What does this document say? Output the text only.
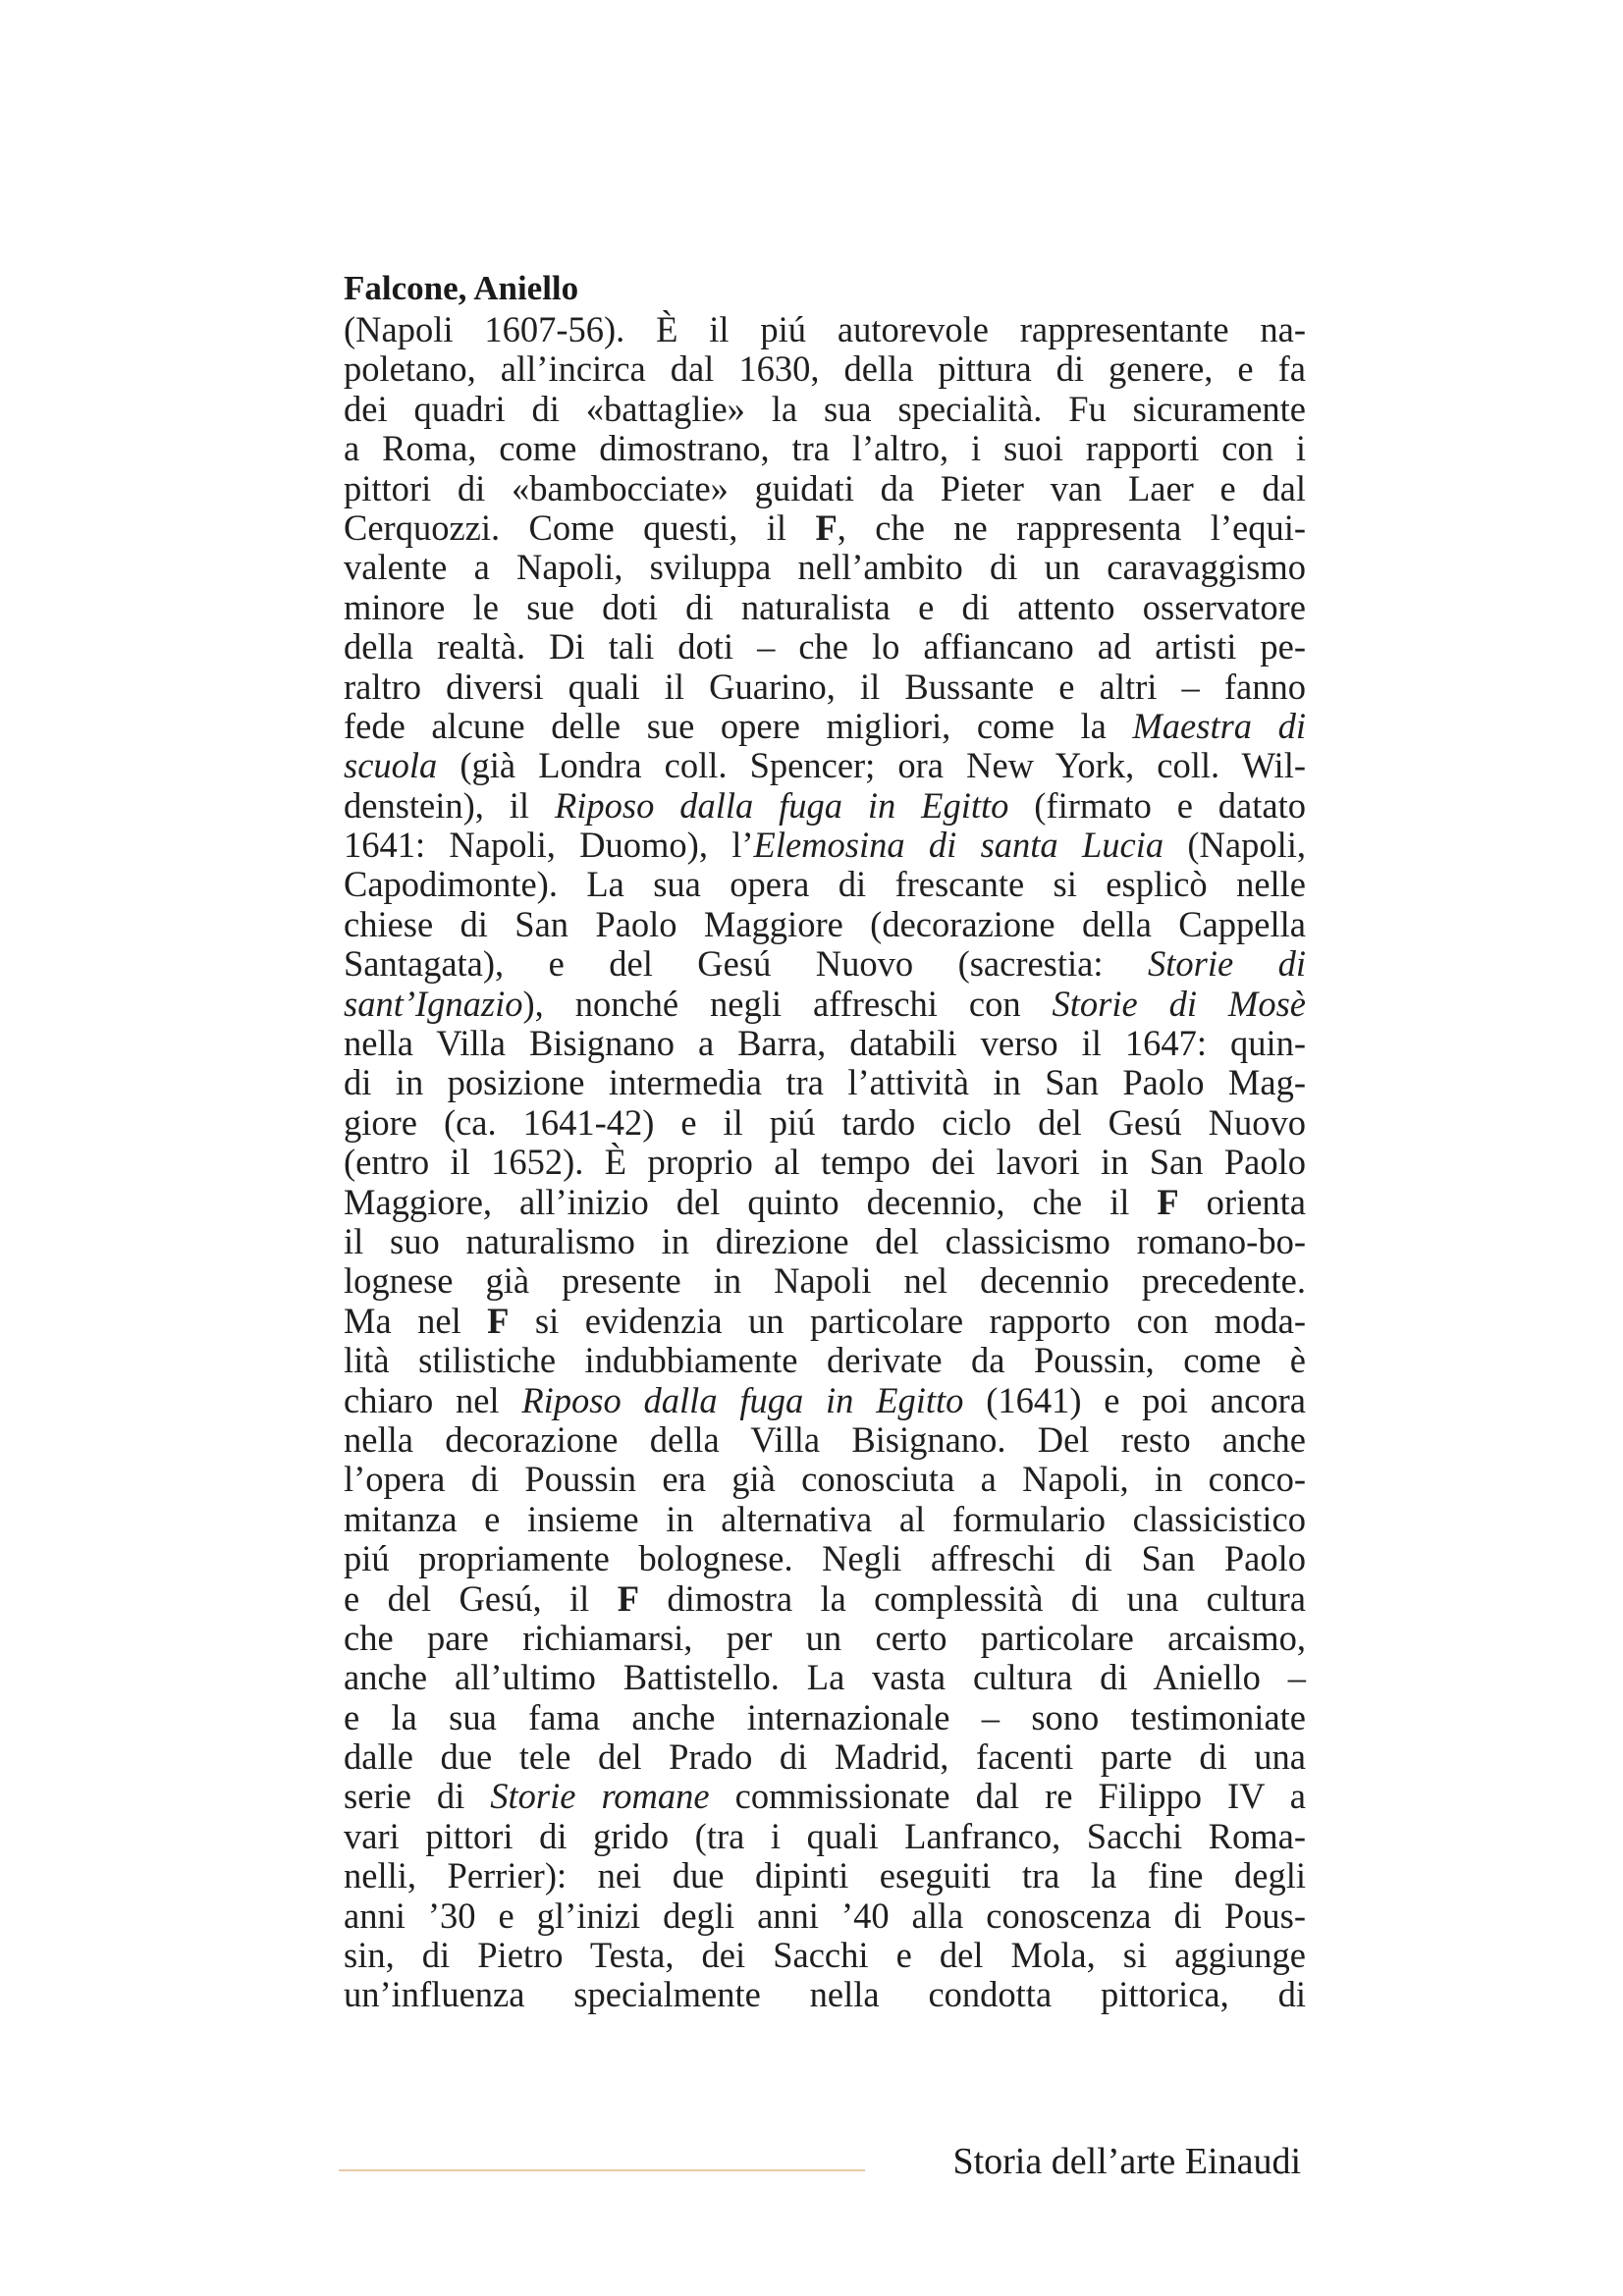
Falcone, Aniello
(Napoli 1607-56). È il piú autorevole rappresentante na-
poletano, all’incirca dal 1630, della pittura di genere, e fa
dei quadri di «battaglie» la sua specialità. Fu sicuramente
a Roma, come dimostrano, tra l’altro, i suoi rapporti con i
pittori di «bambocciate» guidati da Pieter van Laer e dal
Cerquozzi. Come questi, il F, che ne rappresenta l’equi-
valente a Napoli, sviluppa nell’ambito di un caravaggismo
minore le sue doti di naturalista e di attento osservatore
della realtà. Di tali doti – che lo affiancano ad artisti pe-
raltro diversi quali il Guarino, il Bussante e altri – fanno
fede alcune delle sue opere migliori, come la Maestra di
scuola (già Londra coll. Spencer; ora New York, coll. Wil-
denstein), il Riposo dalla fuga in Egitto (firmato e datato
1641: Napoli, Duomo), l’Elemosina di santa Lucia (Napoli,
Capodimonte). La sua opera di frescante si esplicò nelle
chiese di San Paolo Maggiore (decorazione della Cappella
Santagata), e del Gesú Nuovo (sacrestia: Storie di
sant’Ignazio), nonché negli affreschi con Storie di Mosè
nella Villa Bisignano a Barra, databili verso il 1647: quin-
di in posizione intermedia tra l’attività in San Paolo Mag-
giore (ca. 1641-42) e il piú tardo ciclo del Gesú Nuovo
(entro il 1652). È proprio al tempo dei lavori in San Paolo
Maggiore, all’inizio del quinto decennio, che il F orienta
il suo naturalismo in direzione del classicismo romano-bo-
lognese già presente in Napoli nel decennio precedente.
Ma nel F si evidenzia un particolare rapporto con moda-
lità stilistiche indubbiamente derivate da Poussin, come è
chiaro nel Riposo dalla fuga in Egitto (1641) e poi ancora
nella decorazione della Villa Bisignano. Del resto anche
l’opera di Poussin era già conosciuta a Napoli, in conco-
mitanza e insieme in alternativa al formulario classicistico
piú propriamente bolognese. Negli affreschi di San Paolo
e del Gesú, il F dimostra la complessità di una cultura
che pare richiamarsi, per un certo particolare arcaismo,
anche all’ultimo Battistello. La vasta cultura di Aniello –
e la sua fama anche internazionale – sono testimoniate
dalle due tele del Prado di Madrid, facenti parte di una
serie di Storie romane commissionate dal re Filippo IV a
vari pittori di grido (tra i quali Lanfranco, Sacchi Roma-
nelli, Perrier): nei due dipinti eseguiti tra la fine degli
anni ’30 e gl’inizi degli anni ’40 alla conoscenza di Pous-
sin, di Pietro Testa, dei Sacchi e del Mola, si aggiunge
un’influenza specialmente nella condotta pittorica, di
Storia dell’arte Einaudi
